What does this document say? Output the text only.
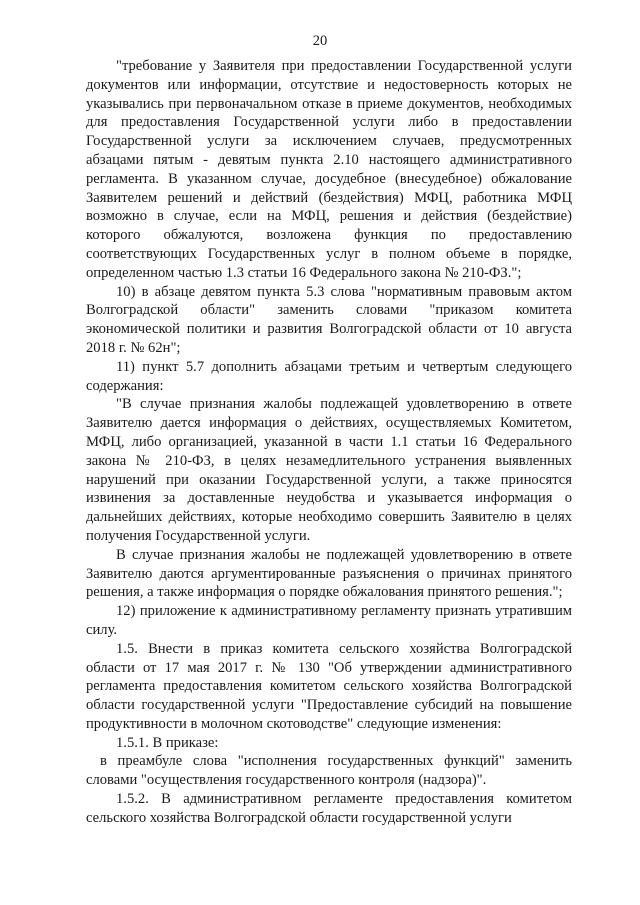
20

"требование у Заявителя при предоставлении Государственной услуги документов или информации, отсутствие и недостоверность которых не указывались при первоначальном отказе в приеме документов, необходимых для предоставления Государственной услуги либо в предоставлении Государственной услуги за исключением случаев, предусмотренных абзацами пятым - девятым пункта 2.10 настоящего административного регламента. В указанном случае, досудебное (внесудебное) обжалование Заявителем решений и действий (бездействия) МФЦ, работника МФЦ возможно в случае, если на МФЦ, решения и действия (бездействие) которого обжалуются, возложена функция по предоставлению соответствующих Государственных услуг в полном объеме в порядке, определенном частью 1.3 статьи 16 Федерального закона № 210-ФЗ.";

10) в абзаце девятом пункта 5.3 слова "нормативным правовым актом Волгоградской области" заменить словами "приказом комитета экономической политики и развития Волгоградской области от 10 августа 2018 г. № 62н";

11) пункт 5.7 дополнить абзацами третьим и четвертым следующего содержания:

"В случае признания жалобы подлежащей удовлетворению в ответе Заявителю дается информация о действиях, осуществляемых Комитетом, МФЦ, либо организацией, указанной в части 1.1 статьи 16 Федерального закона № 210-ФЗ, в целях незамедлительного устранения выявленных нарушений при оказании Государственной услуги, а также приносятся извинения за доставленные неудобства и указывается информация о дальнейших действиях, которые необходимо совершить Заявителю в целях получения Государственной услуги.

В случае признания жалобы не подлежащей удовлетворению в ответе Заявителю даются аргументированные разъяснения о причинах принятого решения, а также информация о порядке обжалования принятого решения.";

12) приложение к административному регламенту признать утратившим силу.

1.5. Внести в приказ комитета сельского хозяйства Волгоградской области от 17 мая 2017 г. № 130 "Об утверждении административного регламента предоставления комитетом сельского хозяйства Волгоградской области государственной услуги "Предоставление субсидий на повышение продуктивности в молочном скотоводстве" следующие изменения:

1.5.1. В приказе:

в преамбуле слова "исполнения государственных функций" заменить словами "осуществления государственного контроля (надзора)".

1.5.2. В административном регламенте предоставления комитетом сельского хозяйства Волгоградской области государственной услуги
